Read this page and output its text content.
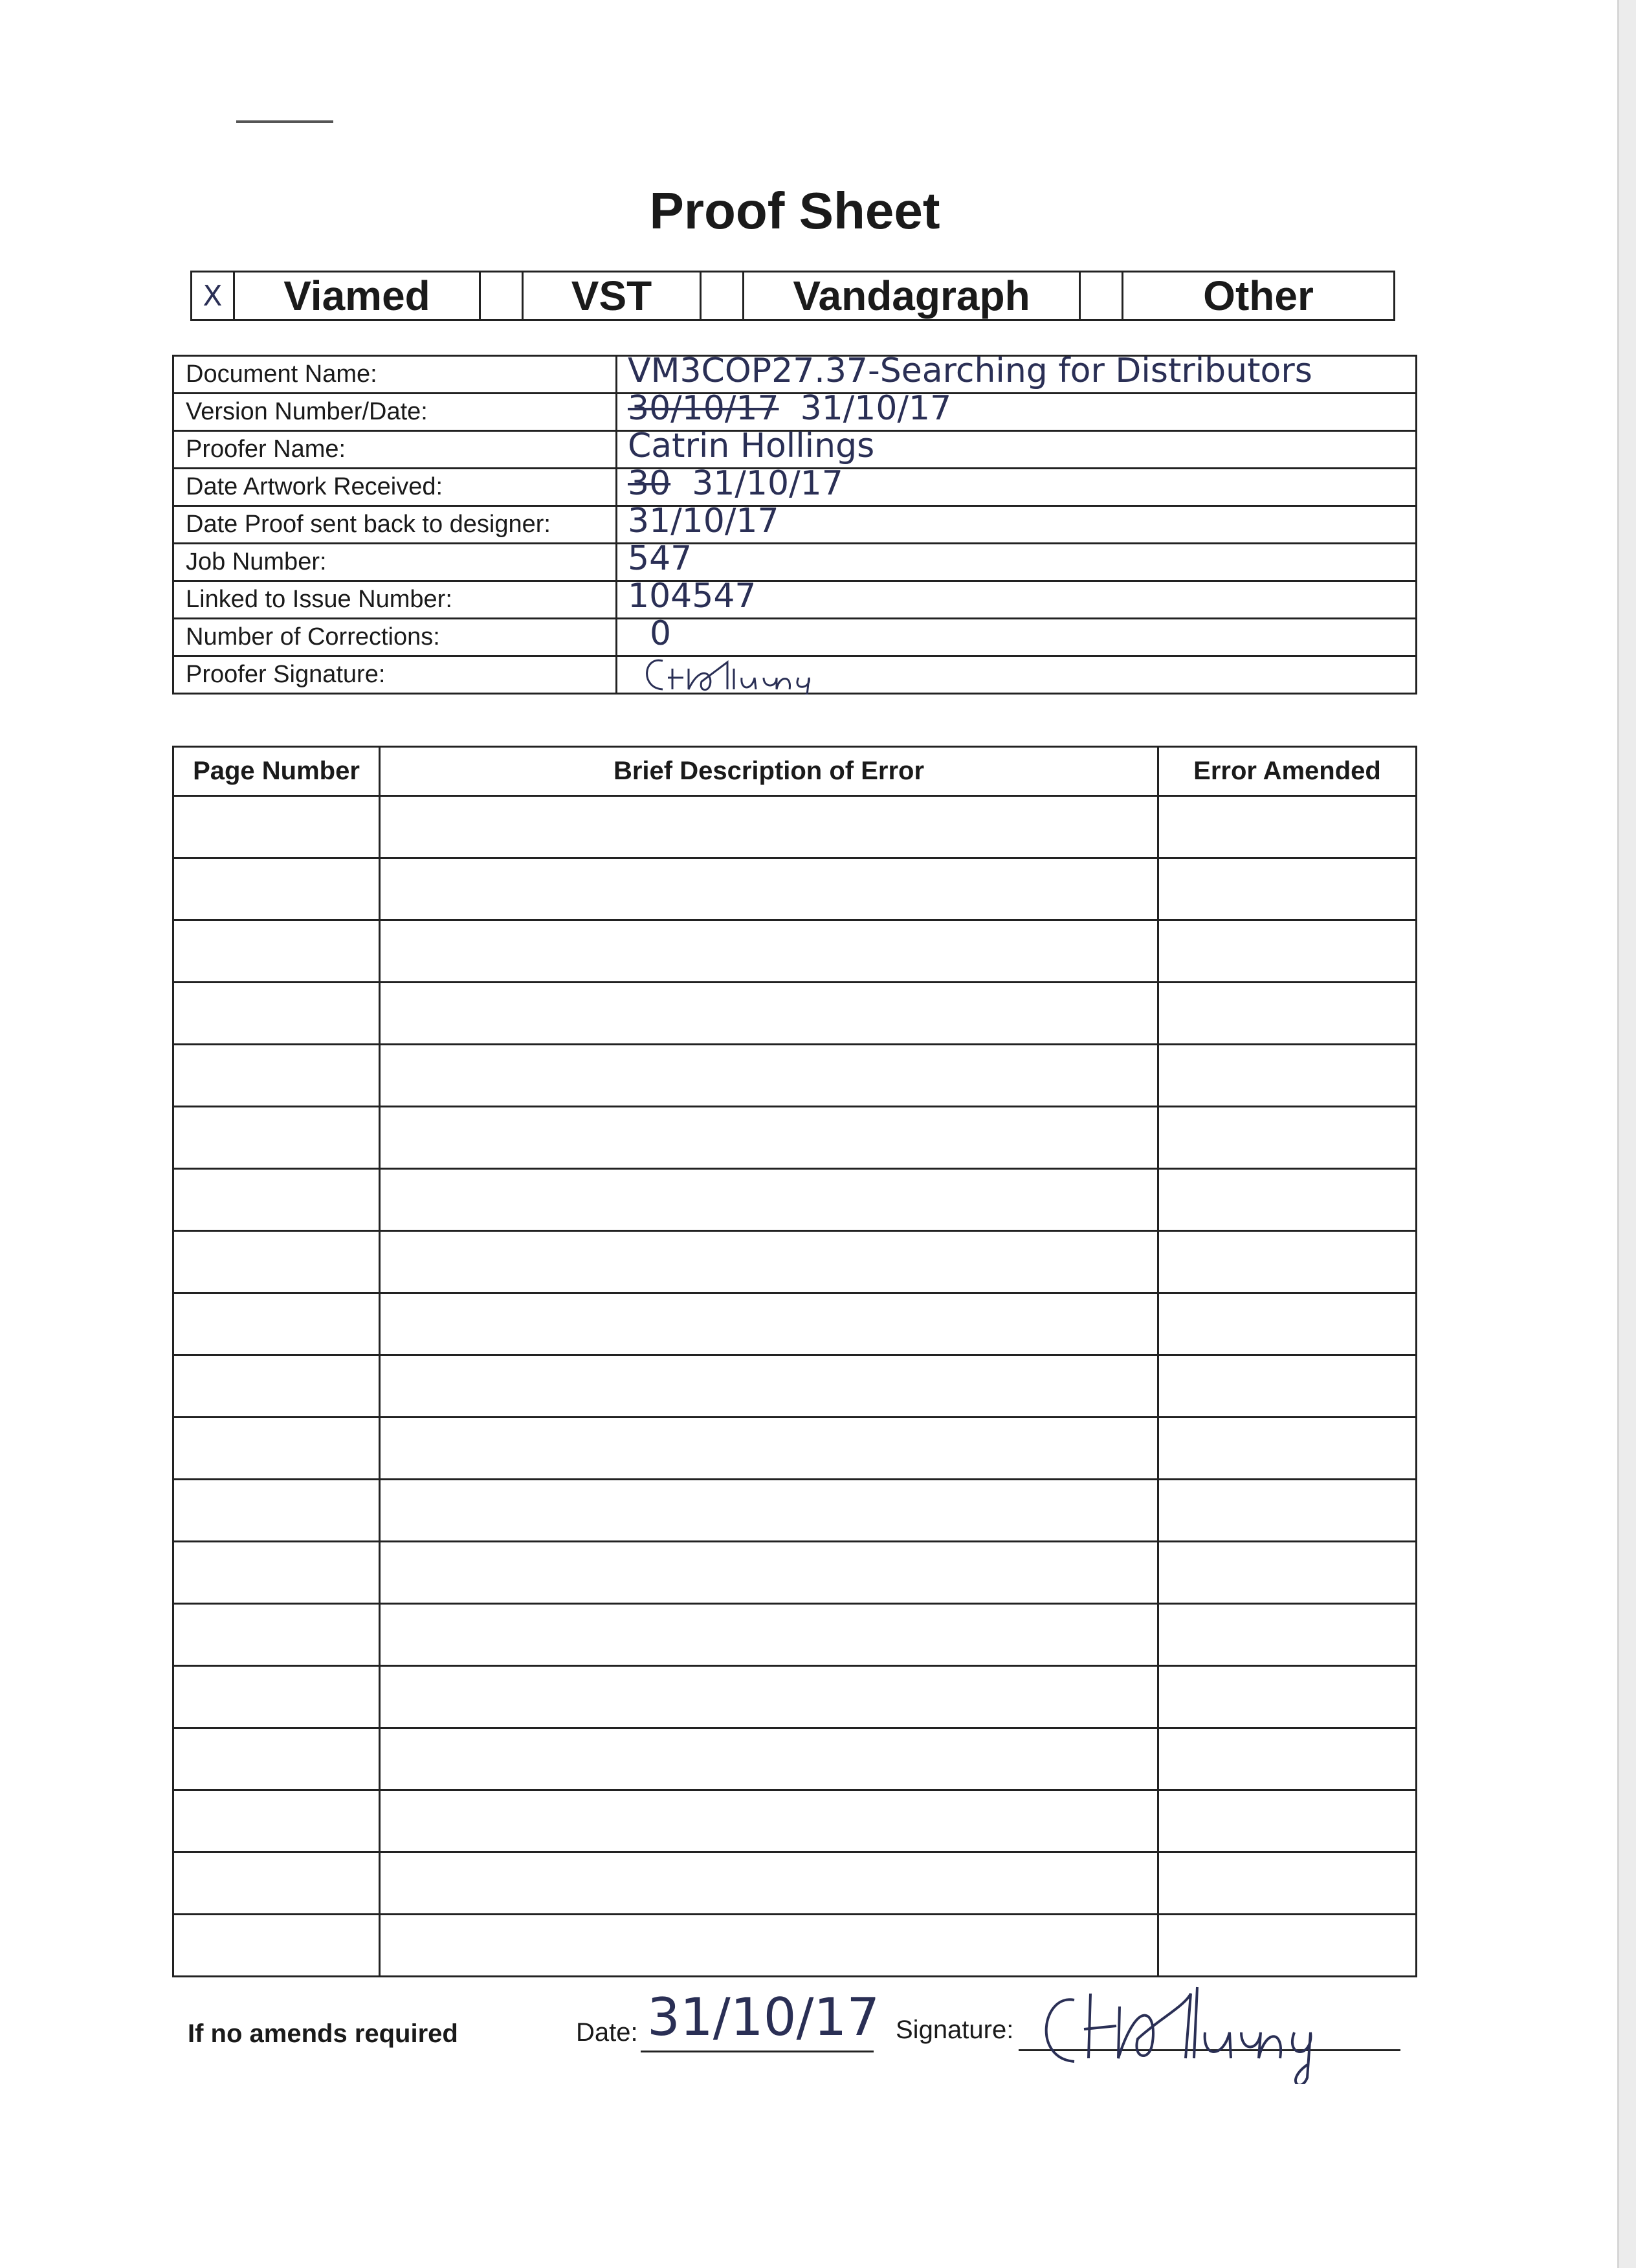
Proof Sheet
X	Viamed	VST	Vandagraph	Other
Document Name:	VM3COP27.37-Searching for Distributors

Version Number/Date:	30/10/17 31/10/17

Proofer Name:	Catrin Hollings

Date Artwork Received:	30 31/10/17

Date Proof sent back to designer:	31/10/17

Job Number:	547

Linked to Issue Number:	104547

Number of Corrections:	0

Proofer Signature:	
Page Number	Brief Description of Error	Error Amended

If no amends required	Date: 31/10/17 Signature:
